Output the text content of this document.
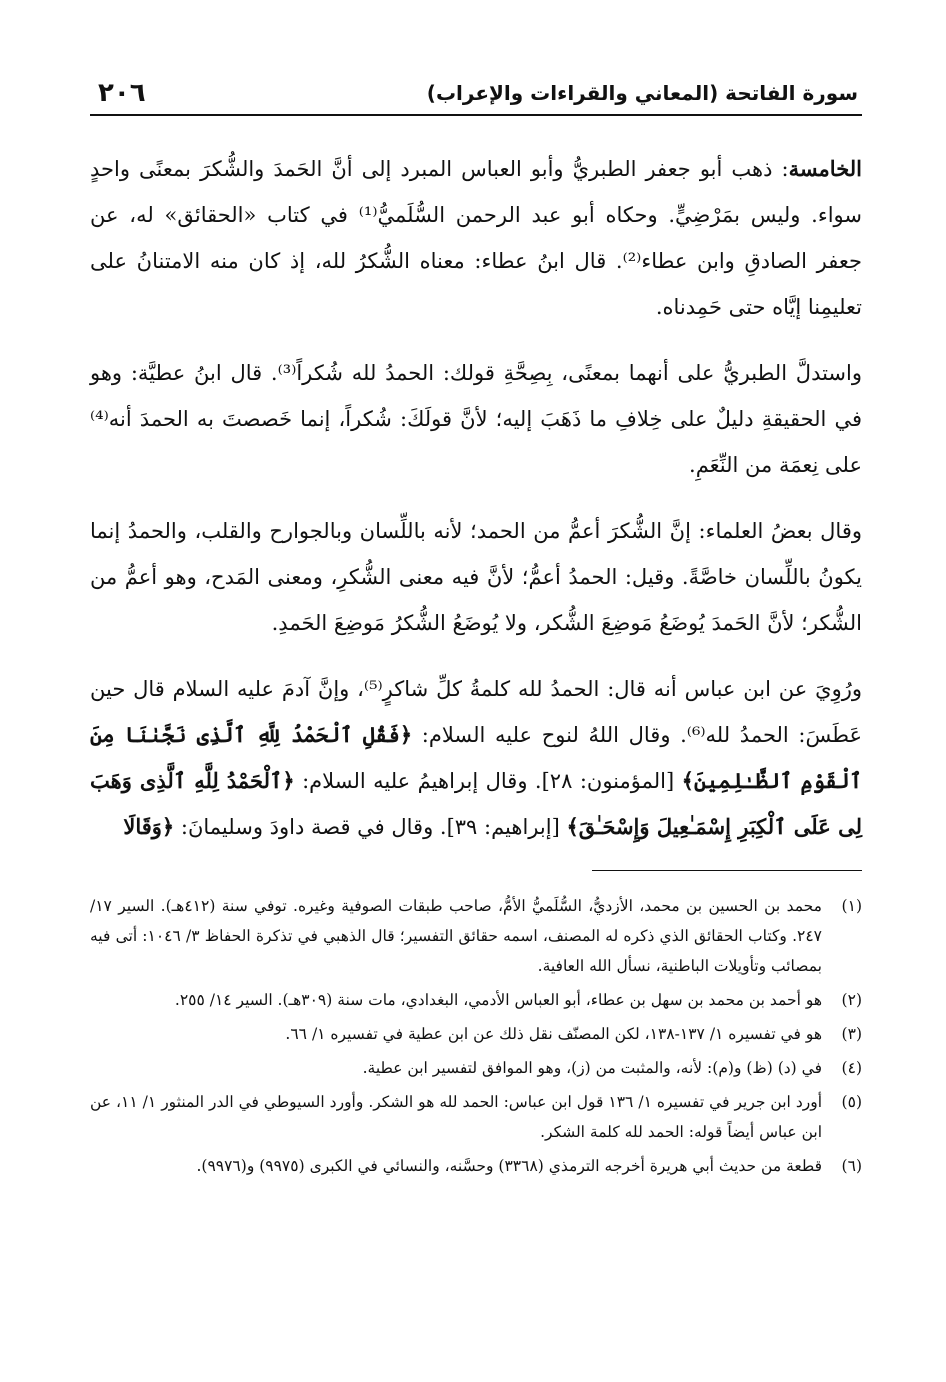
سورة الفاتحة (المعاني والقراءات والإعراب)
٢٠٦

الخامسة: ذهب أبو جعفر الطبريُّ وأبو العباس المبرد إلى أنَّ الحَمدَ والشُّكرَ بمعنًى واحدٍ سواء. وليس بمَرْضِيٍّ. وحكاه أبو عبد الرحمن السُّلَميُّ⁽¹⁾ في كتاب «الحقائق» له، عن جعفر الصادقِ وابن عطاء⁽²⁾. قال ابنُ عطاء: معناه الشُّكرُ لله، إذ كان منه الامتنانُ على تعليمِنا إيَّاه حتى حَمِدناه.

واستدلَّ الطبريُّ على أنهما بمعنًى، بِصِحَّةِ قولك: الحمدُ لله شُكراً⁽³⁾. قال ابنُ عطيَّة: وهو في الحقيقةِ دليلٌ على خِلافِ ما ذَهَبَ إليه؛ لأنَّ قولَكَ: شُكراً، إنما خَصصتَ به الحمدَ أنه⁽⁴⁾ على نِعمَة من النِّعَمِ.

وقال بعضُ العلماء: إنَّ الشُّكرَ أعمُّ من الحمد؛ لأنه باللِّسان وبالجوارح والقلب، والحمدُ إنما يكونُ باللِّسان خاصَّةً. وقيل: الحمدُ أعمُّ؛ لأنَّ فيه معنى الشُّكرِ، ومعنى المَدح، وهو أعمُّ من الشُّكر؛ لأنَّ الحَمدَ يُوضَعُ مَوضِعَ الشُّكر، ولا يُوضَعُ الشُّكرُ مَوضِعَ الحَمدِ.

ورُوِيَ عن ابن عباس أنه قال: الحمدُ لله كلمةُ كلِّ شاكرٍ⁽⁵⁾، وإنَّ آدمَ عليه السلام قال حين عَطَسَ: الحمدُ لله⁽⁶⁾. وقال اللهُ لنوح عليه السلام: ﴿فَقُلِ ٱلْحَمْدُ لِلَّهِ ٱلَّذِى نَجَّىٰنَا مِنَ ٱلْقَوْمِ ٱلظَّـٰلِمِينَ﴾ [المؤمنون: ٢٨]. وقال إبراهيمُ عليه السلام: ﴿ٱلْحَمْدُ لِلَّهِ ٱلَّذِى وَهَبَ لِى عَلَى ٱلْكِبَرِ إِسْمَـٰعِيلَ وَإِسْحَـٰقَ﴾ [إبراهيم: ٣٩]. وقال في قصة داودَ وسليمانَ: ﴿وَقَالَا

(١)
محمد بن الحسين بن محمد، الأزديُّ، السُّلَميُّ الأمُّ، صاحب طبقات الصوفية وغيره. توفي سنة (٤١٢هـ). السير ١٧/ ٢٤٧. وكتاب الحقائق الذي ذكره له المصنف، اسمه حقائق التفسير؛ قال الذهبي في تذكرة الحفاظ ٣/ ١٠٤٦: أتى فيه بمصائب وتأويلات الباطنية، نسأل الله العافية.
(٢)
هو أحمد بن محمد بن سهل بن عطاء، أبو العباس الأدمي، البغدادي، مات سنة (٣٠٩هـ). السير ١٤/ ٢٥٥.
(٣)
هو في تفسيره ١/ ١٣٧-١٣٨، لكن المصنّف نقل ذلك عن ابن عطية في تفسيره ١/ ٦٦.
(٤)
في (د) (ظ) و(م): لأنه، والمثبت من (ز)، وهو الموافق لتفسير ابن عطية.
(٥)
أورد ابن جرير في تفسيره ١/ ١٣٦ قول ابن عباس: الحمد لله هو الشكر. وأورد السيوطي في الدر المنثور ١/ ١١، عن ابن عباس أيضاً قوله: الحمد لله كلمة الشكر.
(٦)
قطعة من حديث أبي هريرة أخرجه الترمذي (٣٣٦٨) وحسَّنه، والنسائي في الكبرى (٩٩٧٥) و(٩٩٧٦).
